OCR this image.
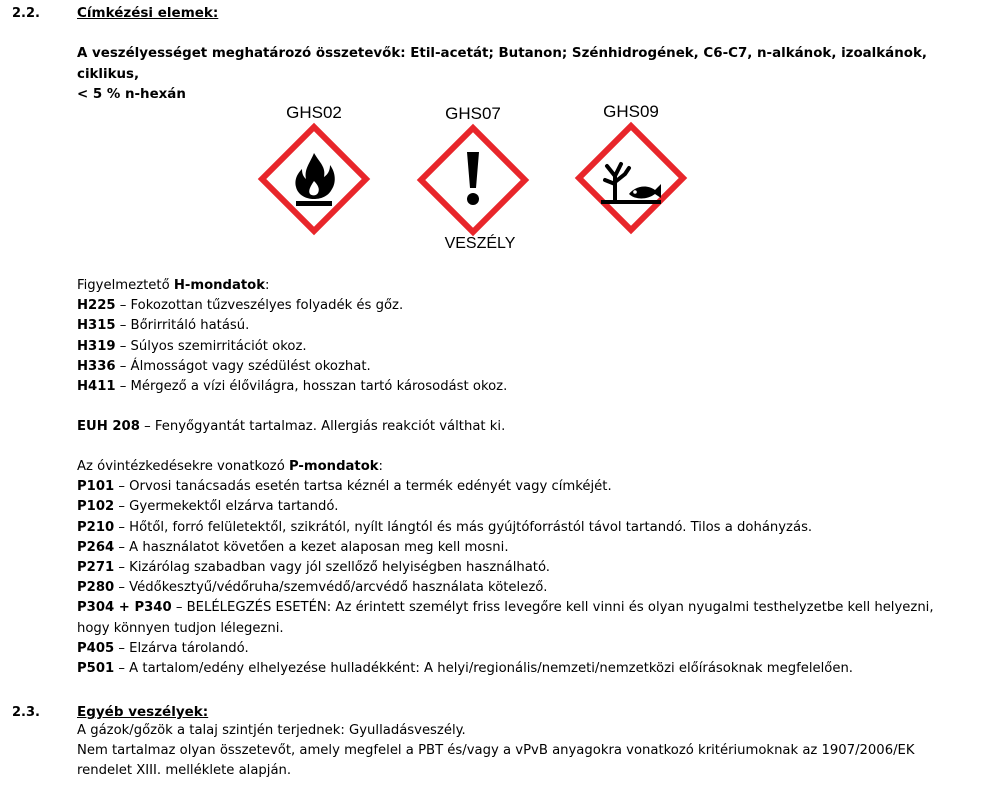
2.2.	Címkézési elemek:
A veszélyességet meghatározó összetevők: Etil-acetát; Butanon; Szénhidrogének, C6-C7, n-alkánok, izoalkánok, ciklikus,
< 5 % n-hexán
GHS02	GHS07	GHS09
VESZÉLY
Figyelmeztető H-mondatok:
H225 – Fokozottan tűzveszélyes folyadék és gőz.
H315 – Bőrirritáló hatású.
H319 – Súlyos szemirritációt okoz.
H336 – Álmosságot vagy szédülést okozhat.
H411 – Mérgező a vízi élővilágra, hosszan tartó károsodást okoz.
EUH 208 – Fenyőgyantát tartalmaz. Allergiás reakciót válthat ki.
Az óvintézkedésekre vonatkozó P-mondatok:
P101 – Orvosi tanácsadás esetén tartsa kéznél a termék edényét vagy címkéjét.
P102 – Gyermekektől elzárva tartandó.
P210 – Hőtől, forró felületektől, szikrától, nyílt lángtól és más gyújtóforrástól távol tartandó. Tilos a dohányzás.
P264 – A használatot követően a kezet alaposan meg kell mosni.
P271 – Kizárólag szabadban vagy jól szellőző helyiségben használható.
P280 – Védőkesztyű/védőruha/szemvédő/arcvédő használata kötelező.
P304 + P340 – BELÉLEGZÉS ESETÉN: Az érintett személyt friss levegőre kell vinni és olyan nyugalmi testhelyzetbe kell helyezni,
hogy könnyen tudjon lélegezni.
P405 – Elzárva tárolandó.
P501 – A tartalom/edény elhelyezése hulladékként: A helyi/regionális/nemzeti/nemzetközi előírásoknak megfelelően.
2.3.	Egyéb veszélyek:
A gázok/gőzök a talaj szintjén terjednek: Gyulladásveszély.
Nem tartalmaz olyan összetevőt, amely megfelel a PBT és/vagy a vPvB anyagokra vonatkozó kritériumoknak az 1907/2006/EK
rendelet XIII. melléklete alapján.
